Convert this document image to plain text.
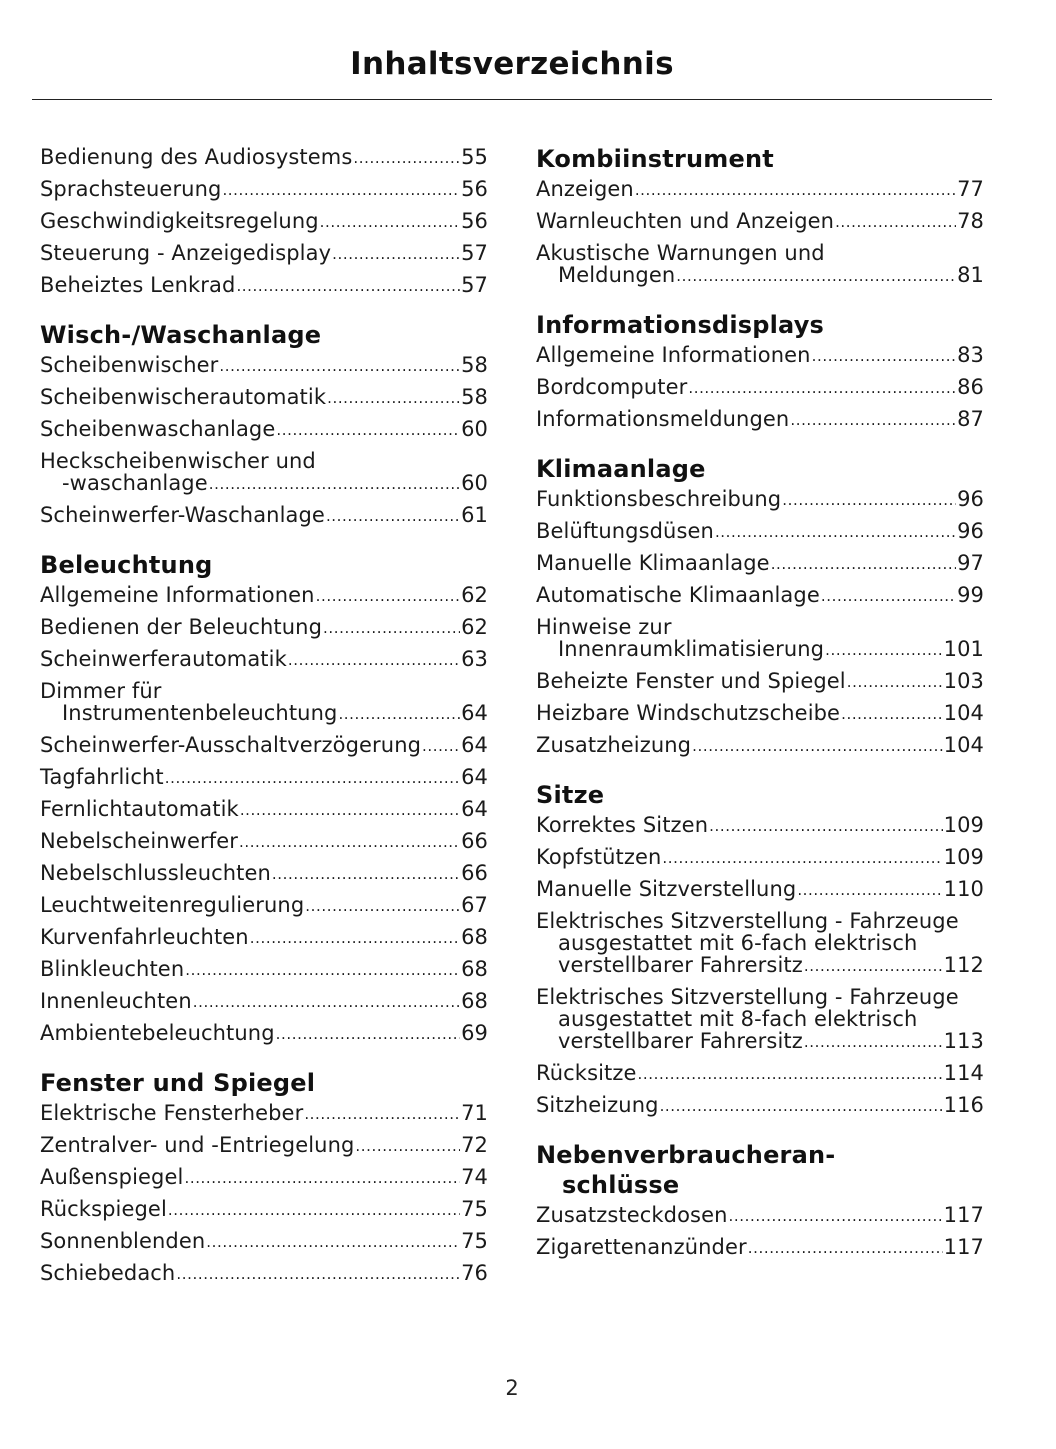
Inhaltsverzeichnis
Bedienung des Audiosystems .....	55
Sprachsteuerung .....	56
Geschwindigkeitsregelung .....	56
Steuerung - Anzeigedisplay .....	57
Beheiztes Lenkrad .....	57
Wisch-/Waschanlage
Scheibenwischer .....	58
Scheibenwischerautomatik .....	58
Scheibenwaschanlage .....	60
Heckscheibenwischer und
-waschanlage .....	60
Scheinwerfer-Waschanlage .....	61
Beleuchtung
Allgemeine Informationen .....	62
Bedienen der Beleuchtung .....	62
Scheinwerferautomatik .....	63
Dimmer für
Instrumentenbeleuchtung .....	64
Scheinwerfer-Ausschaltverzögerung ..... 64
Tagfahrlicht .....	64
Fernlichtautomatik .....	64
Nebelscheinwerfer .....	66
Nebelschlussleuchten .....	66
Leuchtweitenregulierung .....	67
Kurvenfahrleuchten .....	68
Blinkleuchten .....	68
Innenleuchten .....	68
Ambientebeleuchtung .....	69
Fenster und Spiegel
Elektrische Fensterheber .....	71
Zentralver- und -Entriegelung .....	72
Außenspiegel .....	74
Rückspiegel .....	75
Sonnenblenden .....	75
Schiebedach .....	76
Kombiinstrument
Anzeigen .....	77
Warnleuchten und Anzeigen .....	78
Akustische Warnungen und
Meldungen .....	81
Informationsdisplays
Allgemeine Informationen .....	83
Bordcomputer .....	86
Informationsmeldungen .....	87
Klimaanlage
Funktionsbeschreibung .....	96
Belüftungsdüsen .....	96
Manuelle Klimaanlage .....	97
Automatische Klimaanlage .....	99
Hinweise zur
Innenraumklimatisierung .....	101
Beheizte Fenster und Spiegel .....	103
Heizbare Windschutzscheibe .....	104
Zusatzheizung .....	104
Sitze
Korrektes Sitzen .....	109
Kopfstützen .....	109
Manuelle Sitzverstellung .....	110
Elektrisches Sitzverstellung - Fahrzeuge
ausgestattet mit 6-fach elektrisch
verstellbarer Fahrersitz .....	112
Elektrisches Sitzverstellung - Fahrzeuge
ausgestattet mit 8-fach elektrisch
verstellbarer Fahrersitz .....	113
Rücksitze .....	114
Sitzheizung .....	116
Nebenverbraucheran-
schlüsse
Zusatzsteckdosen .....	117
Zigarettenanzünder .....	117
2
